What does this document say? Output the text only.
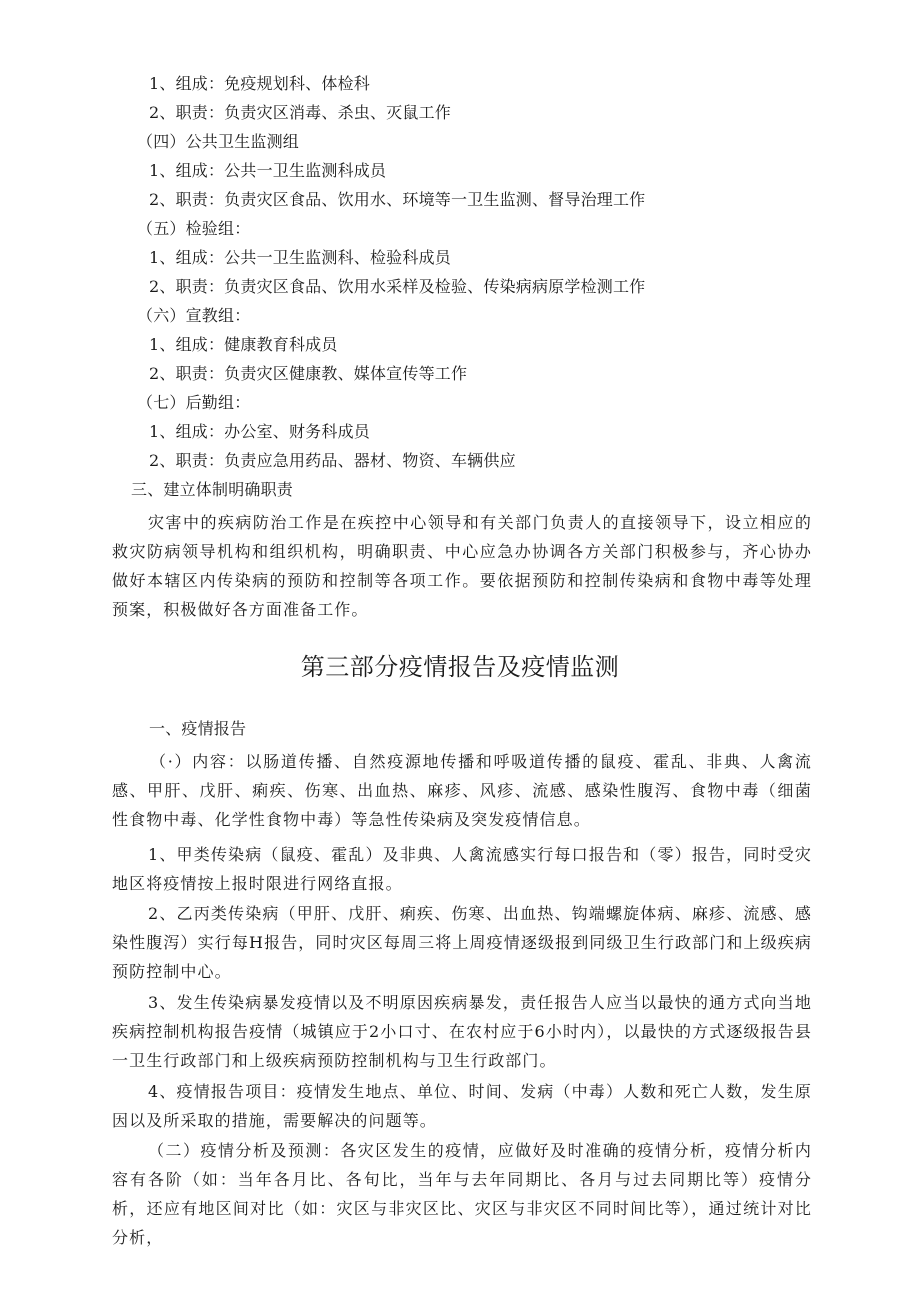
1、组成：免疫规划科、体检科
2、职责：负责灾区消毒、杀虫、灭鼠工作
（四）公共卫生监测组
1、组成：公共一卫生监测科成员
2、职责：负责灾区食品、饮用水、环境等一卫生监测、督导治理工作
（五）检验组：
1、组成：公共一卫生监测科、检验科成员
2、职责：负责灾区食品、饮用水采样及检验、传染病病原学检测工作
（六）宣教组：
1、组成：健康教育科成员
2、职责：负责灾区健康教、媒体宣传等工作
（七）后勤组：
1、组成：办公室、财务科成员
2、职责：负责应急用药品、器材、物资、车辆供应
三、建立体制明确职责
灾害中的疾病防治工作是在疾控中心领导和有关部门负责人的直接领导下，设立相应的救灾防病领导机构和组织机构，明确职责、中心应急办协调各方关部门积极参与，齐心协办做好本辖区内传染病的预防和控制等各项工作。要依据预防和控制传染病和食物中毒等处理预案，积极做好各方面准备工作。
第三部分疫情报告及疫情监测
一、疫情报告
（·）内容：以肠道传播、自然疫源地传播和呼吸道传播的鼠疫、霍乱、非典、人禽流感、甲肝、戊肝、痢疾、伤寒、出血热、麻疹、风疹、流感、感染性腹泻、食物中毒（细菌性食物中毒、化学性食物中毒）等急性传染病及突发疫情信息。
1、甲类传染病（鼠疫、霍乱）及非典、人禽流感实行每口报告和（零）报告，同时受灾地区将疫情按上报时限进行网络直报。
2、乙丙类传染病（甲肝、戊肝、痢疾、伤寒、出血热、钩端螺旋体病、麻疹、流感、感染性腹泻）实行每H报告，同时灾区每周三将上周疫情逐级报到同级卫生行政部门和上级疾病预防控制中心。
3、发生传染病暴发疫情以及不明原因疾病暴发，责任报告人应当以最快的通方式向当地疾病控制机构报告疫情（城镇应于2小口寸、在农村应于6小时内），以最快的方式逐级报告县一卫生行政部门和上级疾病预防控制机构与卫生行政部门。
4、疫情报告项目：疫情发生地点、单位、时间、发病（中毒）人数和死亡人数，发生原因以及所采取的措施，需要解决的问题等。
（二）疫情分析及预测：各灾区发生的疫情，应做好及时准确的疫情分析，疫情分析内容有各阶（如：当年各月比、各旬比，当年与去年同期比、各月与过去同期比等）疫情分析，还应有地区间对比（如：灾区与非灾区比、灾区与非灾区不同时间比等），通过统计对比分析，
